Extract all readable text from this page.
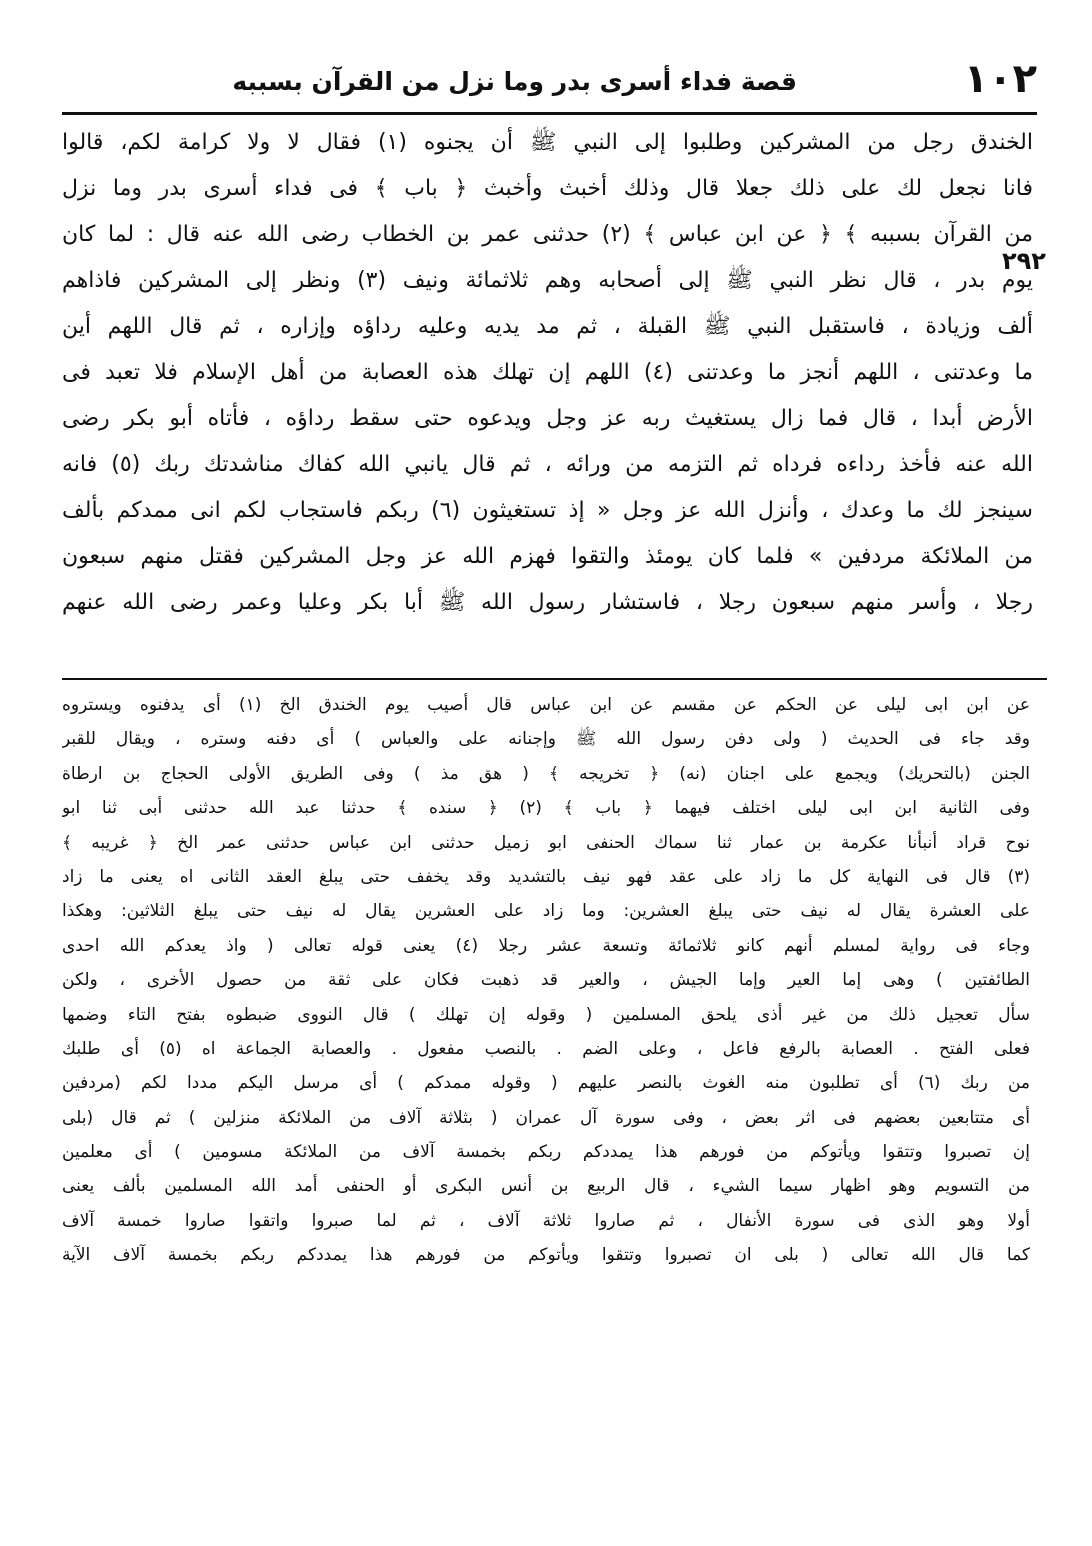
١٠٢
قصة فداء أسرى بدر وما نزل من القرآن بسببه
٢٩٢
الخندق رجل من المشركين وطلبوا إلى النبي ﷺ أن يجنوه (١) فقال لا ولا كرامة لكم، قالوا
فانا نجعل لك على ذلك جعلا قال وذلك أخبث وأخبث ﴿ باب ﴾ فى فداء أسرى بدر وما نزل
من القرآن بسببه ﴾ ﴿ عن ابن عباس ﴾ (٢) حدثنى عمر بن الخطاب رضى الله عنه قال : لما كان
يوم بدر ، قال نظر النبي ﷺ إلى أصحابه وهم ثلاثمائة ونيف (٣) ونظر إلى المشركين فاذاهم
ألف وزيادة ، فاستقبل النبي ﷺ القبلة ، ثم مد يديه وعليه رداؤه وإزاره ، ثم قال اللهم أين
ما وعدتنى ، اللهم أنجز ما وعدتنى (٤) اللهم إن تهلك هذه العصابة من أهل الإسلام فلا تعبد فى
الأرض أبدا ، قال فما زال يستغيث ربه عز وجل ويدعوه حتى سقط رداؤه ، فأتاه أبو بكر رضى
الله عنه فأخذ رداءه فرداه ثم التزمه من ورائه ، ثم قال يانبي الله كفاك مناشدتك ربك (٥) فانه
سينجز لك ما وعدك ، وأنزل الله عز وجل « إذ تستغيثون (٦) ربكم فاستجاب لكم انى ممدكم بألف
من الملائكة مردفين » فلما كان يومئذ والتقوا فهزم الله عز وجل المشركين فقتل منهم سبعون
رجلا ، وأسر منهم سبعون رجلا ، فاستشار رسول الله ﷺ أبا بكر وعليا وعمر رضى الله عنهم
عن ابن ابى ليلى عن الحكم عن مقسم عن ابن عباس قال أصيب يوم الخندق الخ (١) أى يدفنوه ويستروه
وقد جاء فى الحديث ( ولى دفن رسول الله ﷺ وإجنانه على والعباس ) أى دفنه وستره ، ويقال للقبر
الجنن (بالتحريك) ويجمع على اجنان (نه) ﴿ تخريجه ﴾ ( هق مذ ) وفى الطريق الأولى الحجاج بن ارطاة
وفى الثانية ابن ابى ليلى اختلف فيهما ﴿ باب ﴾ (٢) ﴿ سنده ﴾ حدثنا عبد الله حدثنى أبى ثنا ابو
نوح قراد أنبأنا عكرمة بن عمار ثنا سماك الحنفى ابو زميل حدثنى ابن عباس حدثنى عمر الخ ﴿ غريبه ﴾
(٣) قال فى النهاية كل ما زاد على عقد فهو نيف بالتشديد وقد يخفف حتى يبلغ العقد الثانى اه يعنى ما زاد
على العشرة يقال له نيف حتى يبلغ العشرين: وما زاد على العشرين يقال له نيف حتى يبلغ الثلاثين: وهكذا
وجاء فى رواية لمسلم أنهم كانو ثلاثمائة وتسعة عشر رجلا (٤) يعنى قوله تعالى ( واذ يعدكم الله احدى
الطائفتين ) وهى إما العير وإما الجيش ، والعير قد ذهبت فكان على ثقة من حصول الأخرى ، ولكن
سأل تعجيل ذلك من غير أذى يلحق المسلمين ( وقوله إن تهلك ) قال النووى ضبطوه بفتح التاء وضمها
فعلى الفتح . العصابة بالرفع فاعل ، وعلى الضم . بالنصب مفعول . والعصابة الجماعة اه (٥) أى طلبك
من ربك (٦) أى تطلبون منه الغوث بالنصر عليهم ( وقوله ممدكم ) أى مرسل اليكم مددا لكم (مردفين
أى متتابعين بعضهم فى اثر بعض ، وفى سورة آل عمران ( بثلاثة آلاف من الملائكة منزلين ) ثم قال (بلى
إن تصبروا وتتقوا ويأتوكم من فورهم هذا يمددكم ربكم بخمسة آلاف من الملائكة مسومين ) أى معلمين
من التسويم وهو اظهار سيما الشيء ، قال الربيع بن أنس البكرى أو الحنفى أمد الله المسلمين بألف يعنى
أولا وهو الذى فى سورة الأنفال ، ثم صاروا ثلاثة آلاف ، ثم لما صبروا واتقوا صاروا خمسة آلاف
كما قال الله تعالى ( بلى ان تصبروا وتتقوا ويأتوكم من فورهم هذا يمددكم ربكم بخمسة آلاف الآية
